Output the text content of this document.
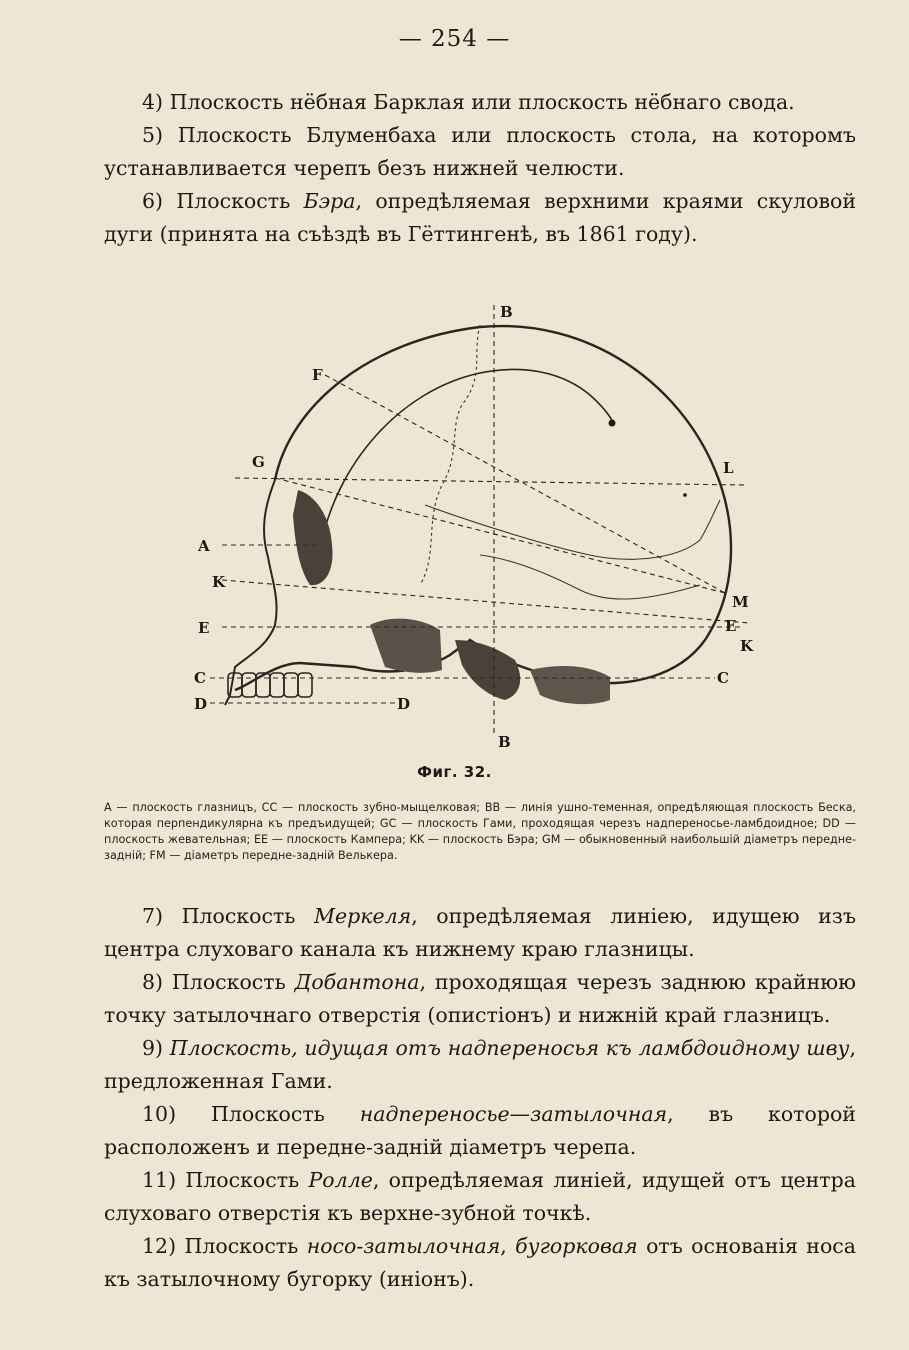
— 254 —

4) Плоскость нёбная Барклая или плоскость нёбнаго свода.

5) Плоскость Блуменбаха или плоскость стола, на которомъ устанавливается черепъ безъ нижней челюсти.

6) Плоскость Бэра, опредѣляемая верхними краями скуловой дуги (принята на съѣздѣ въ Гёттингенѣ, въ 1861 году).

B
F
G	L
A
K
M
E	E
K
C	C
D	D
B
Фиг. 32.
A — плоскость глазницъ, CC — плоскость зубно-мыщелковая; BB — линія ушно-теменная, опредѣляющая плоскость Беска, которая перпендикулярна къ предъидущей; GC — плоскость Гами, проходящая черезъ надпереносье-ламбдоидное; DD — плоскость жевательная; EE — плоскость Кампера; KK — плоскость Бэра; GM — обыкновенный наибольшій діаметръ передне-задній; FM — діаметръ передне-задній Велькера.

7) Плоскость Меркеля, опредѣляемая линіею, идущею изъ центра слуховаго канала къ нижнему краю глазницы.

8) Плоскость Добантона, проходящая черезъ заднюю крайнюю точку затылочнаго отверстія (опистіонъ) и нижній край глазницъ.

9) Плоскость, идущая отъ надпереносья къ ламбдоидному шву, предложенная Гами.

10) Плоскость надпереносье—затылочная, въ которой расположенъ и передне-задній діаметръ черепа.

11) Плоскость Ролле, опредѣляемая линіей, идущей отъ центра слуховаго отверстія къ верхне-зубной точкѣ.

12) Плоскость носо-затылочная, бугорковая отъ основанія носа къ затылочному бугорку (иніонъ).
